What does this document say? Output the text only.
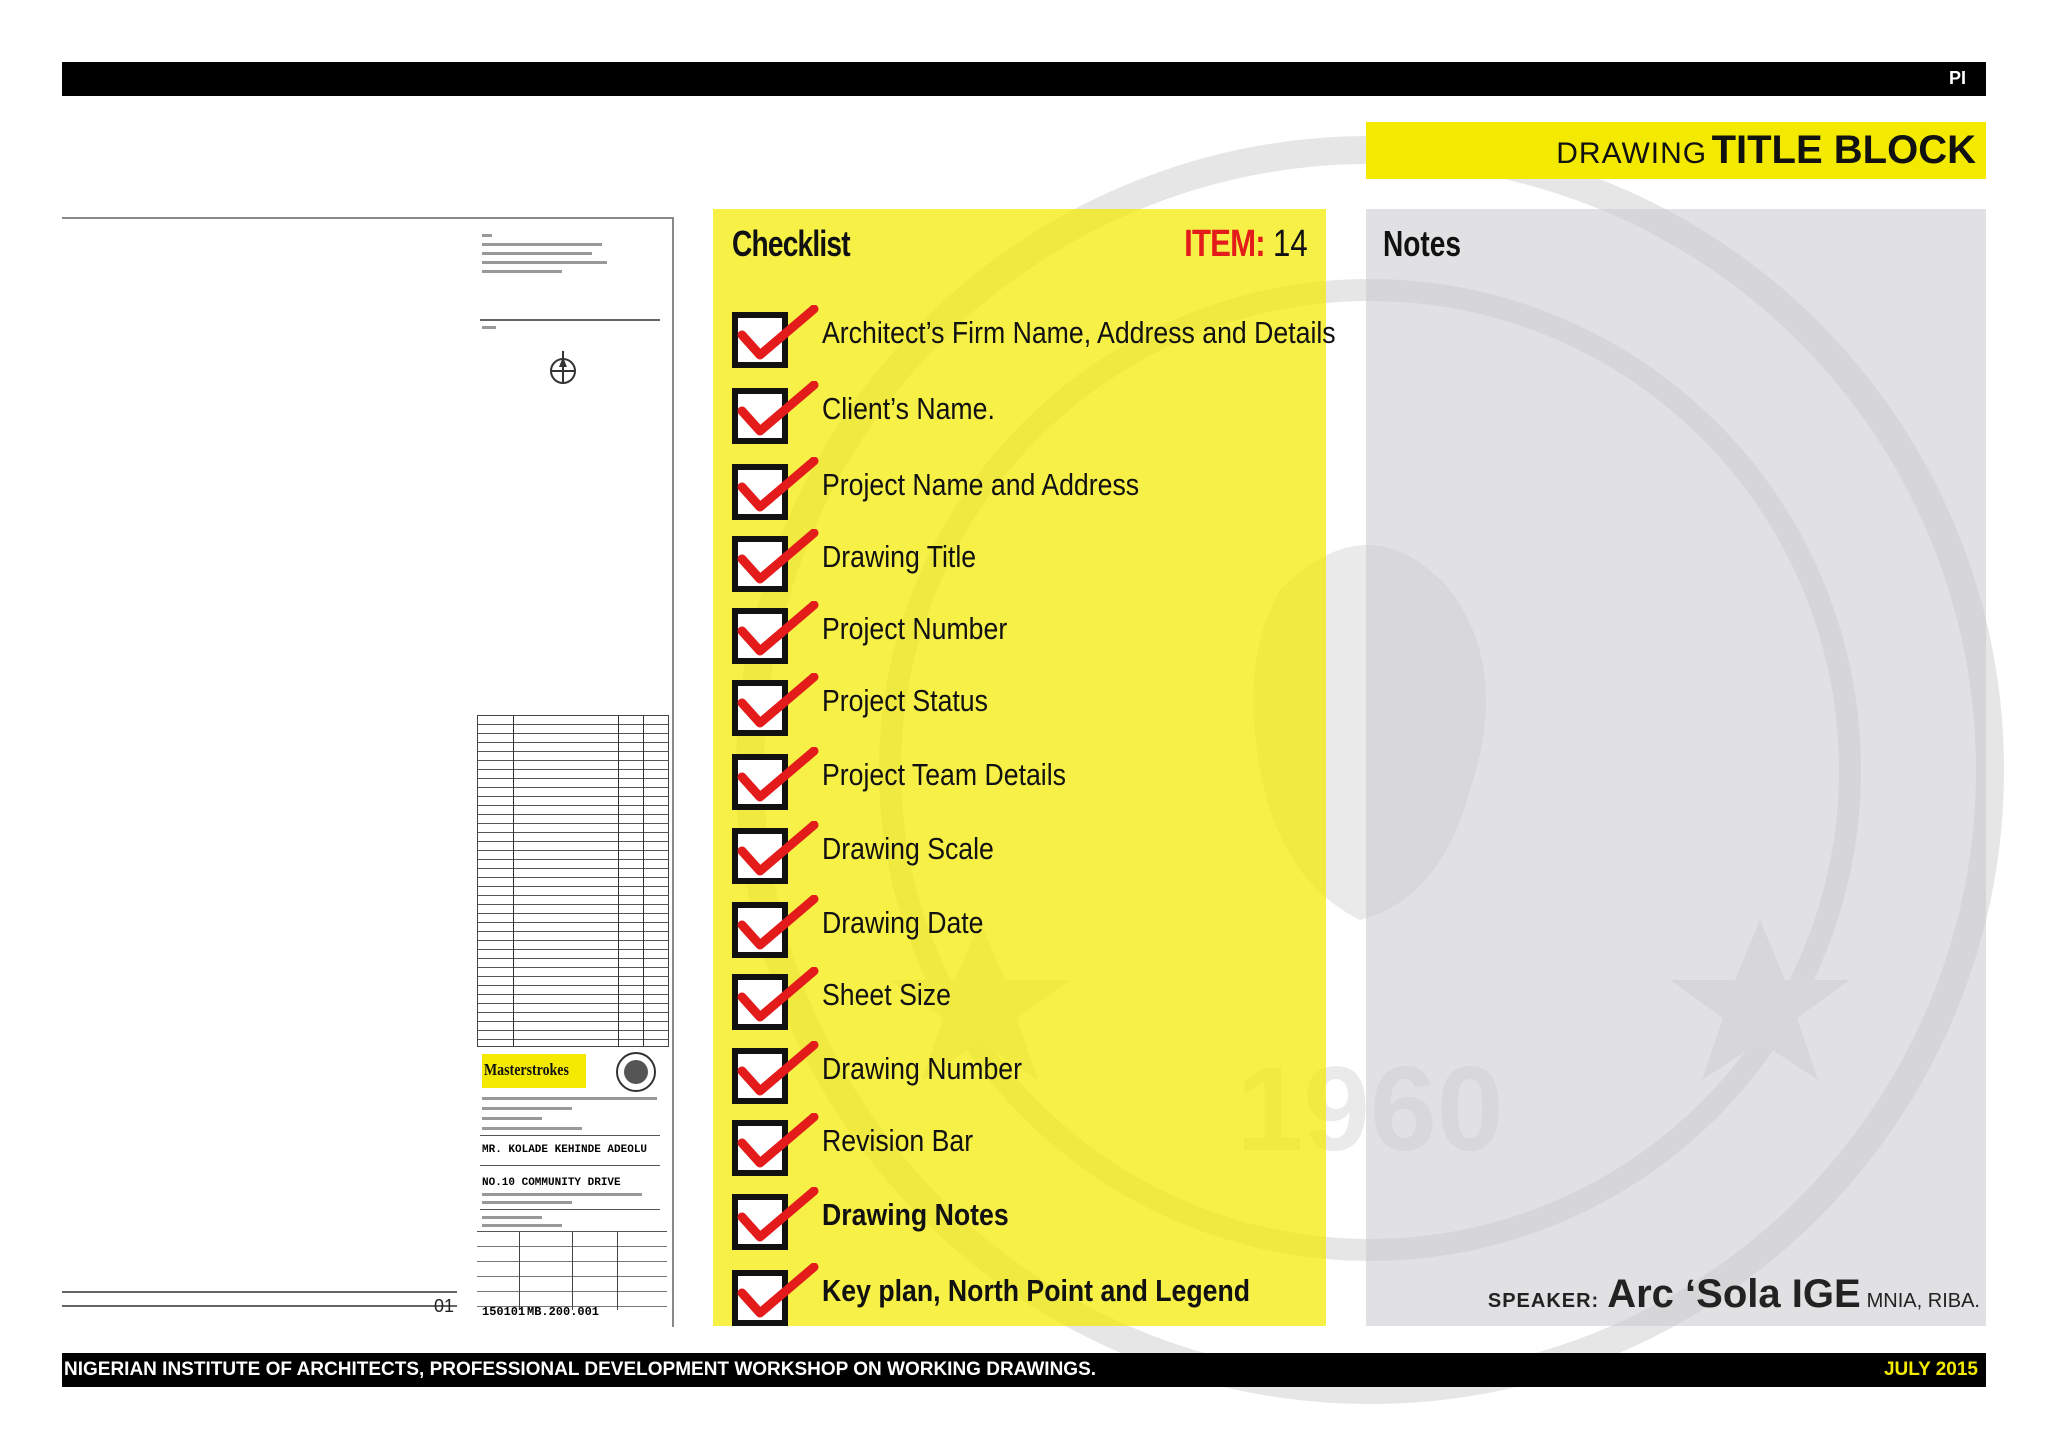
PI
DRAWING TITLE BLOCK
Masterstrokes
MR. KOLADE KEHINDE ADEOLU
NO.10 COMMUNITY DRIVE
01 150101 MB.200.001
Checklist	ITEM: 14
Architect’s Firm Name, Address and Details
Client’s Name.
Project Name and Address
Drawing Title
Project Number
Project Status
Project Team Details
Drawing Scale
Drawing Date
Sheet Size
Drawing Number
Revision Bar
Drawing Notes
Key plan, North Point and Legend
Notes
SPEAKER: Arc ‘Sola IGE MNIA, RIBA.
NIGERIAN INSTITUTE OF ARCHITECTS, PROFESSIONAL DEVELOPMENT WORKSHOP ON WORKING DRAWINGS.	JULY 2015
